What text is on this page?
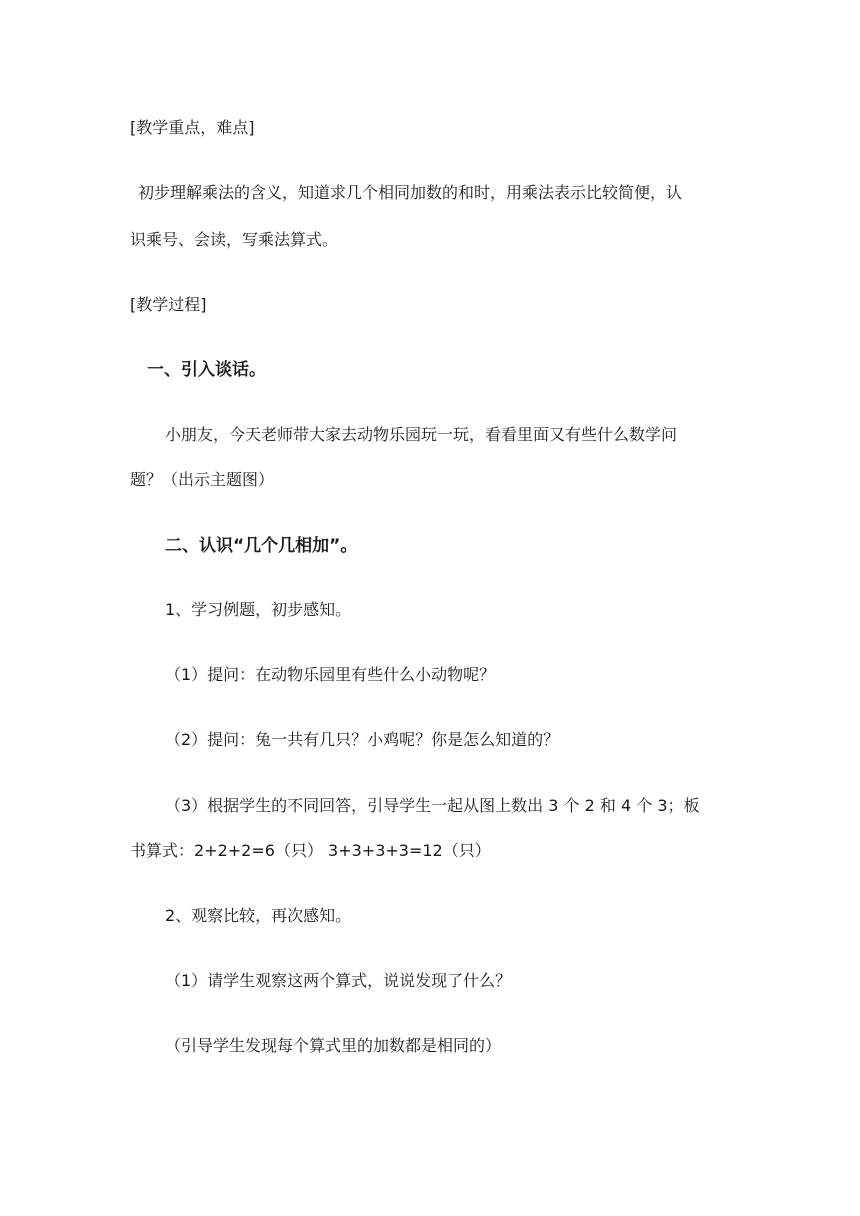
[教学重点，难点]

初步理解乘法的含义，知道求几个相同加数的和时，用乘法表示比较简便，认

识乘号、会读，写乘法算式。

[教学过程]

一、引入谈话。

小朋友，今天老师带大家去动物乐园玩一玩，看看里面又有些什么数学问

题？（出示主题图）

二、认识“几个几相加”。

1、学习例题，初步感知。

（1）提问：在动物乐园里有些什么小动物呢？

（2）提问：兔一共有几只？小鸡呢？你是怎么知道的？

（3）根据学生的不同回答，引导学生一起从图上数出 3 个 2 和 4 个 3；板

书算式：2+2+2=6（只） 3+3+3+3=12（只）

2、观察比较，再次感知。

（1）请学生观察这两个算式，说说发现了什么？

（引导学生发现每个算式里的加数都是相同的）
